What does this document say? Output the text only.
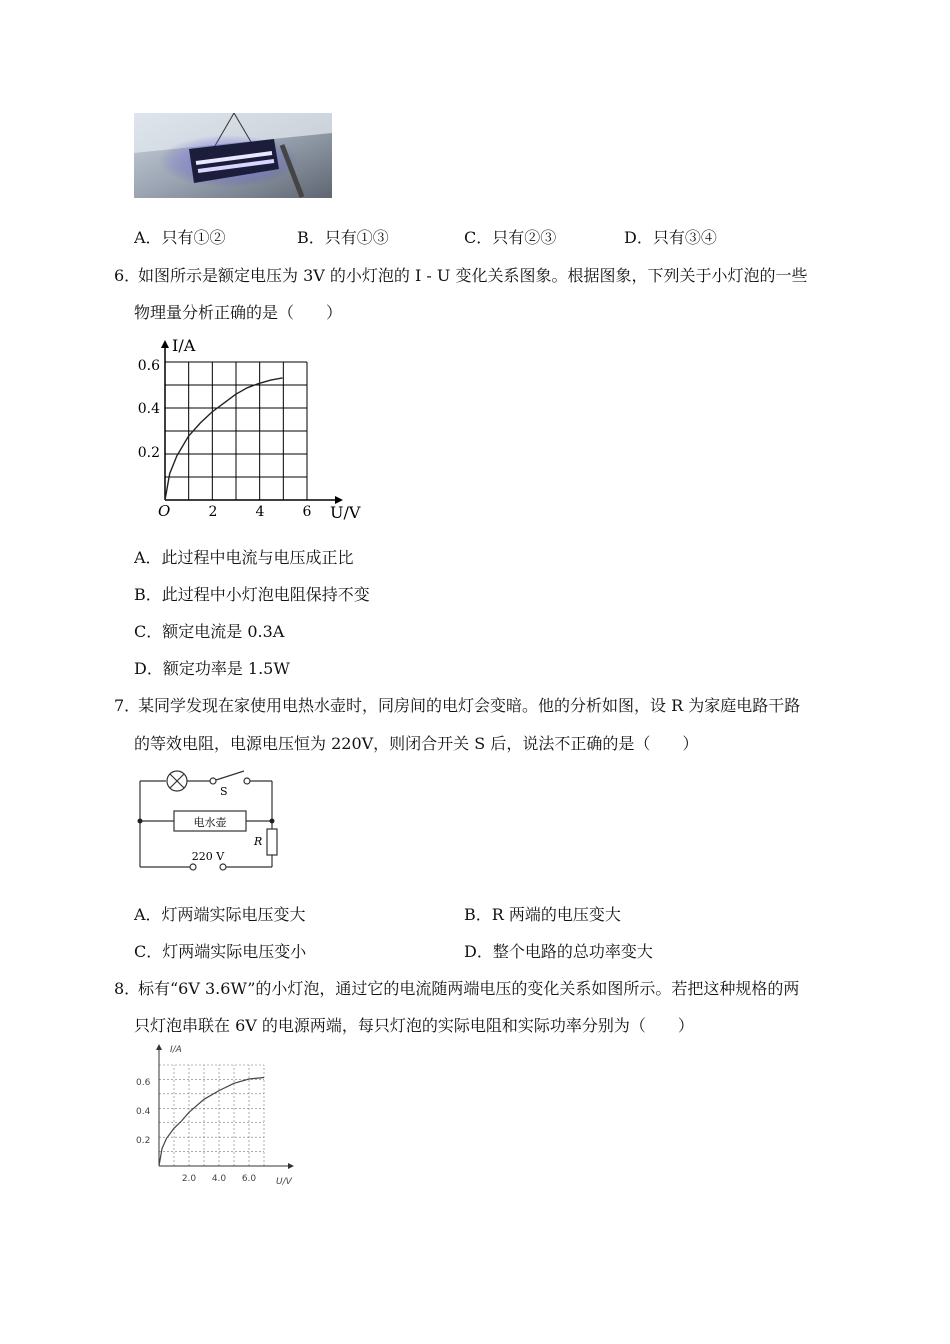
A．只有①②	B．只有①③	C．只有②③	D．只有③④
6．
如图所示是额定电压为 3V 的小灯泡的 I - U 变化关系图象。根据图象，下列关于小灯泡的一些
物理量分析正确的是（　　）
I/A
U/V
O	2	4	6
0.2
0.4
0.6
A．此过程中电流与电压成正比
B．此过程中小灯泡电阻保持不变
C．额定电流是 0.3A
D．额定功率是 1.5W
7．
某同学发现在家使用电热水壶时，同房间的电灯会变暗。他的分析如图，设 R 为家庭电路干路
的等效电阻，电源电压恒为 220V，则闭合开关 S 后，说法不正确的是（　　）
电水壶
S
R
220 V
A．灯两端实际电压变大	B．R 两端的电压变大
C．灯两端实际电压变小	D．整个电路的总功率变大
8．
标有“6V 3.6W”的小灯泡，通过它的电流随两端电压的变化关系如图所示。若把这种规格的两
只灯泡串联在 6V 的电源两端，每只灯泡的实际电阻和实际功率分别为（　　）
I/A
U/V
2.0 4.0 6.0
0.2
0.4
0.6
